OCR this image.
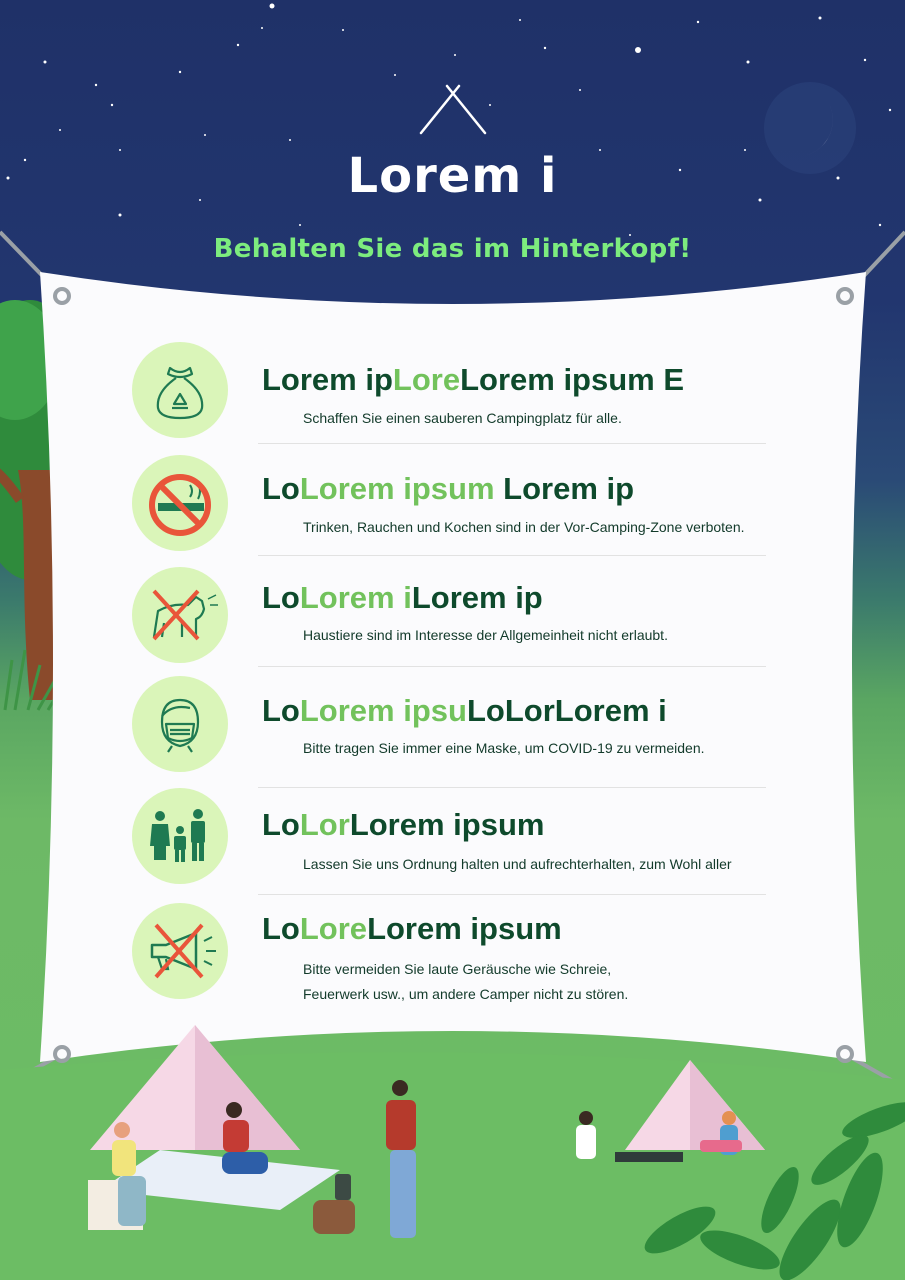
Lorem i
Behalten Sie das im Hinterkopf!
Lorem ipLoreLorem ipsum E
Schaffen Sie einen sauberen Campingplatz für alle.
LoLorem ipsum Lorem ip
Trinken, Rauchen und Kochen sind in der Vor-Camping-Zone verboten.
LoLorem iLorem ip
Haustiere sind im Interesse der Allgemeinheit nicht erlaubt.
LoLorem ipsuLoLorLorem i
Bitte tragen Sie immer eine Maske, um COVID-19 zu vermeiden.
LoLorLorem ipsum
Lassen Sie uns Ordnung halten und aufrechterhalten, zum Wohl aller
LoLoreLorem ipsum
Bitte vermeiden Sie laute Geräusche wie Schreie,
Feuerwerk usw., um andere Camper nicht zu stören.
